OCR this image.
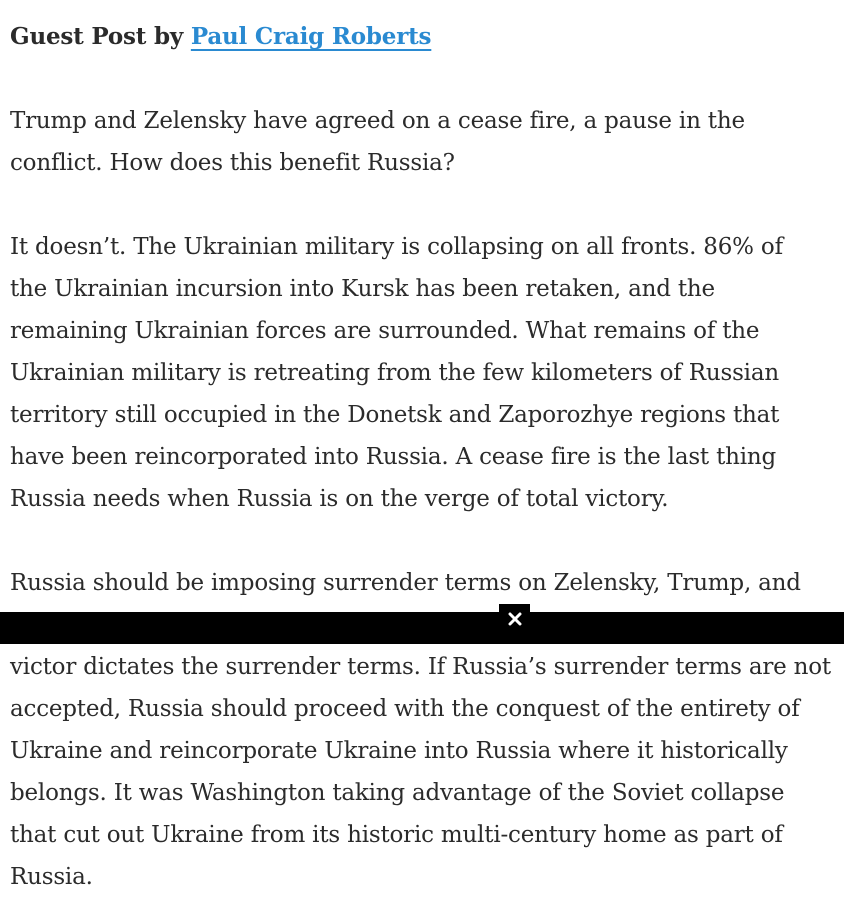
Guest Post by Paul Craig Roberts

Trump and Zelensky have agreed on a cease fire, a pause in the
conflict. How does this benefit Russia?

It doesn’t. The Ukrainian military is collapsing on all fronts. 86% of
the Ukrainian incursion into Kursk has been retaken, and the
remaining Ukrainian forces are surrounded. What remains of the
Ukrainian military is retreating from the few kilometers of Russian
territory still occupied in the Donetsk and Zaporozhye regions that
have been reincorporated into Russia. A cease fire is the last thing
Russia needs when Russia is on the verge of total victory.

Russia should be imposing surrender terms on Zelensky, Trump, and

victor dictates the surrender terms. If Russia’s surrender terms are not
accepted, Russia should proceed with the conquest of the entirety of
Ukraine and reincorporate Ukraine into Russia where it historically
belongs. It was Washington taking advantage of the Soviet collapse
that cut out Ukraine from its historic multi-century home as part of
Russia.
